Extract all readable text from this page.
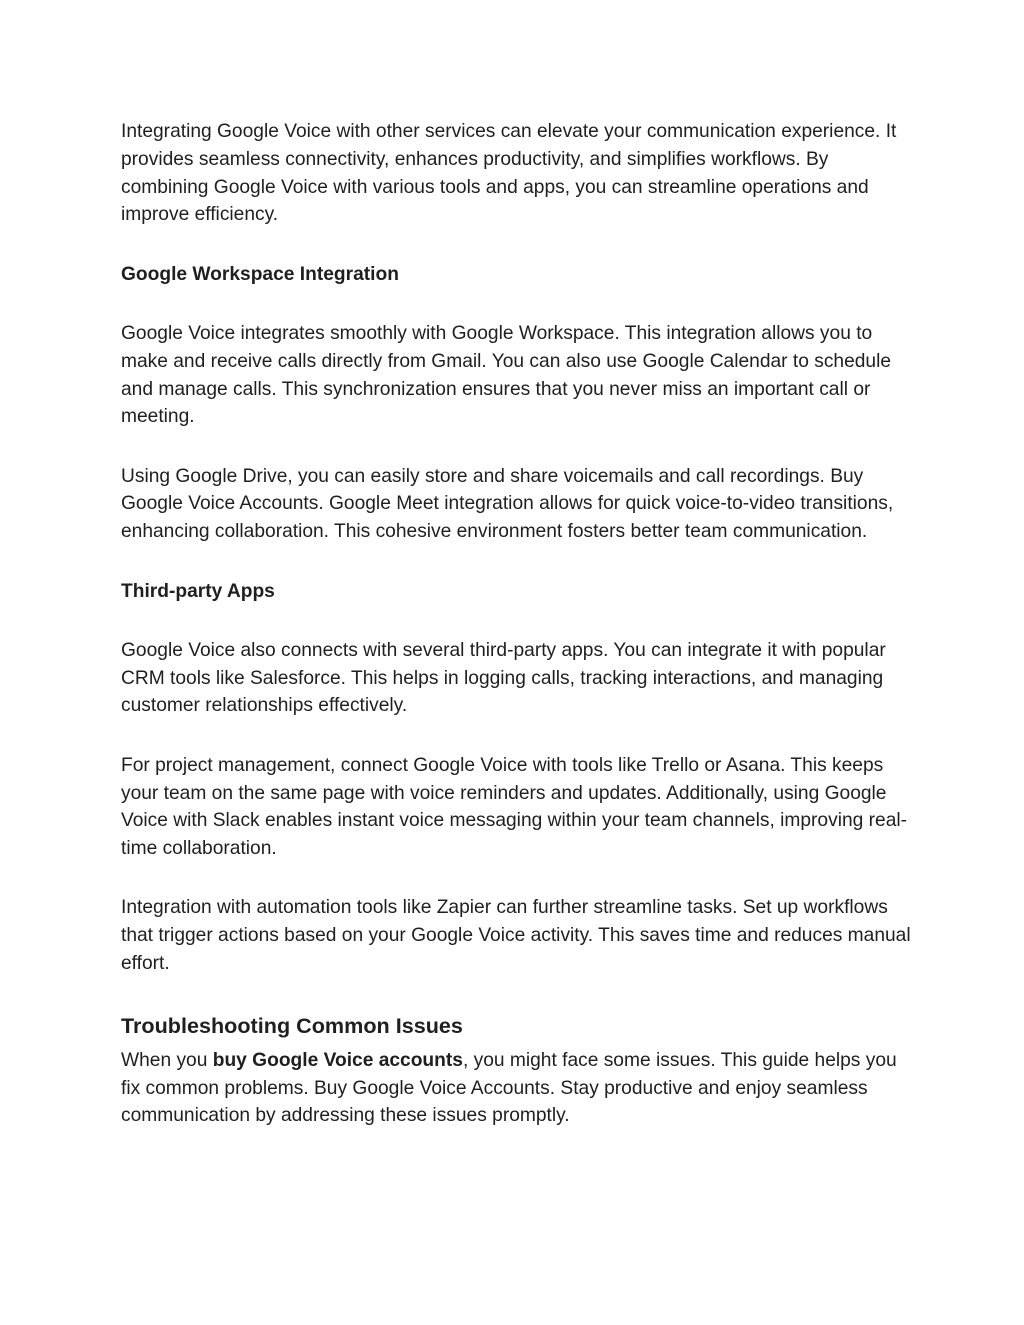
Integrating Google Voice with other services can elevate your communication experience. It provides seamless connectivity, enhances productivity, and simplifies workflows. By combining Google Voice with various tools and apps, you can streamline operations and improve efficiency.

Google Workspace Integration

Google Voice integrates smoothly with Google Workspace. This integration allows you to make and receive calls directly from Gmail. You can also use Google Calendar to schedule and manage calls. This synchronization ensures that you never miss an important call or meeting.

Using Google Drive, you can easily store and share voicemails and call recordings. Buy Google Voice Accounts. Google Meet integration allows for quick voice-to-video transitions, enhancing collaboration. This cohesive environment fosters better team communication.

Third-party Apps

Google Voice also connects with several third-party apps. You can integrate it with popular CRM tools like Salesforce. This helps in logging calls, tracking interactions, and managing customer relationships effectively.

For project management, connect Google Voice with tools like Trello or Asana. This keeps your team on the same page with voice reminders and updates. Additionally, using Google Voice with Slack enables instant voice messaging within your team channels, improving real-time collaboration.

Integration with automation tools like Zapier can further streamline tasks. Set up workflows that trigger actions based on your Google Voice activity. This saves time and reduces manual effort.

Troubleshooting Common Issues

When you buy Google Voice accounts, you might face some issues. This guide helps you fix common problems. Buy Google Voice Accounts. Stay productive and enjoy seamless communication by addressing these issues promptly.
